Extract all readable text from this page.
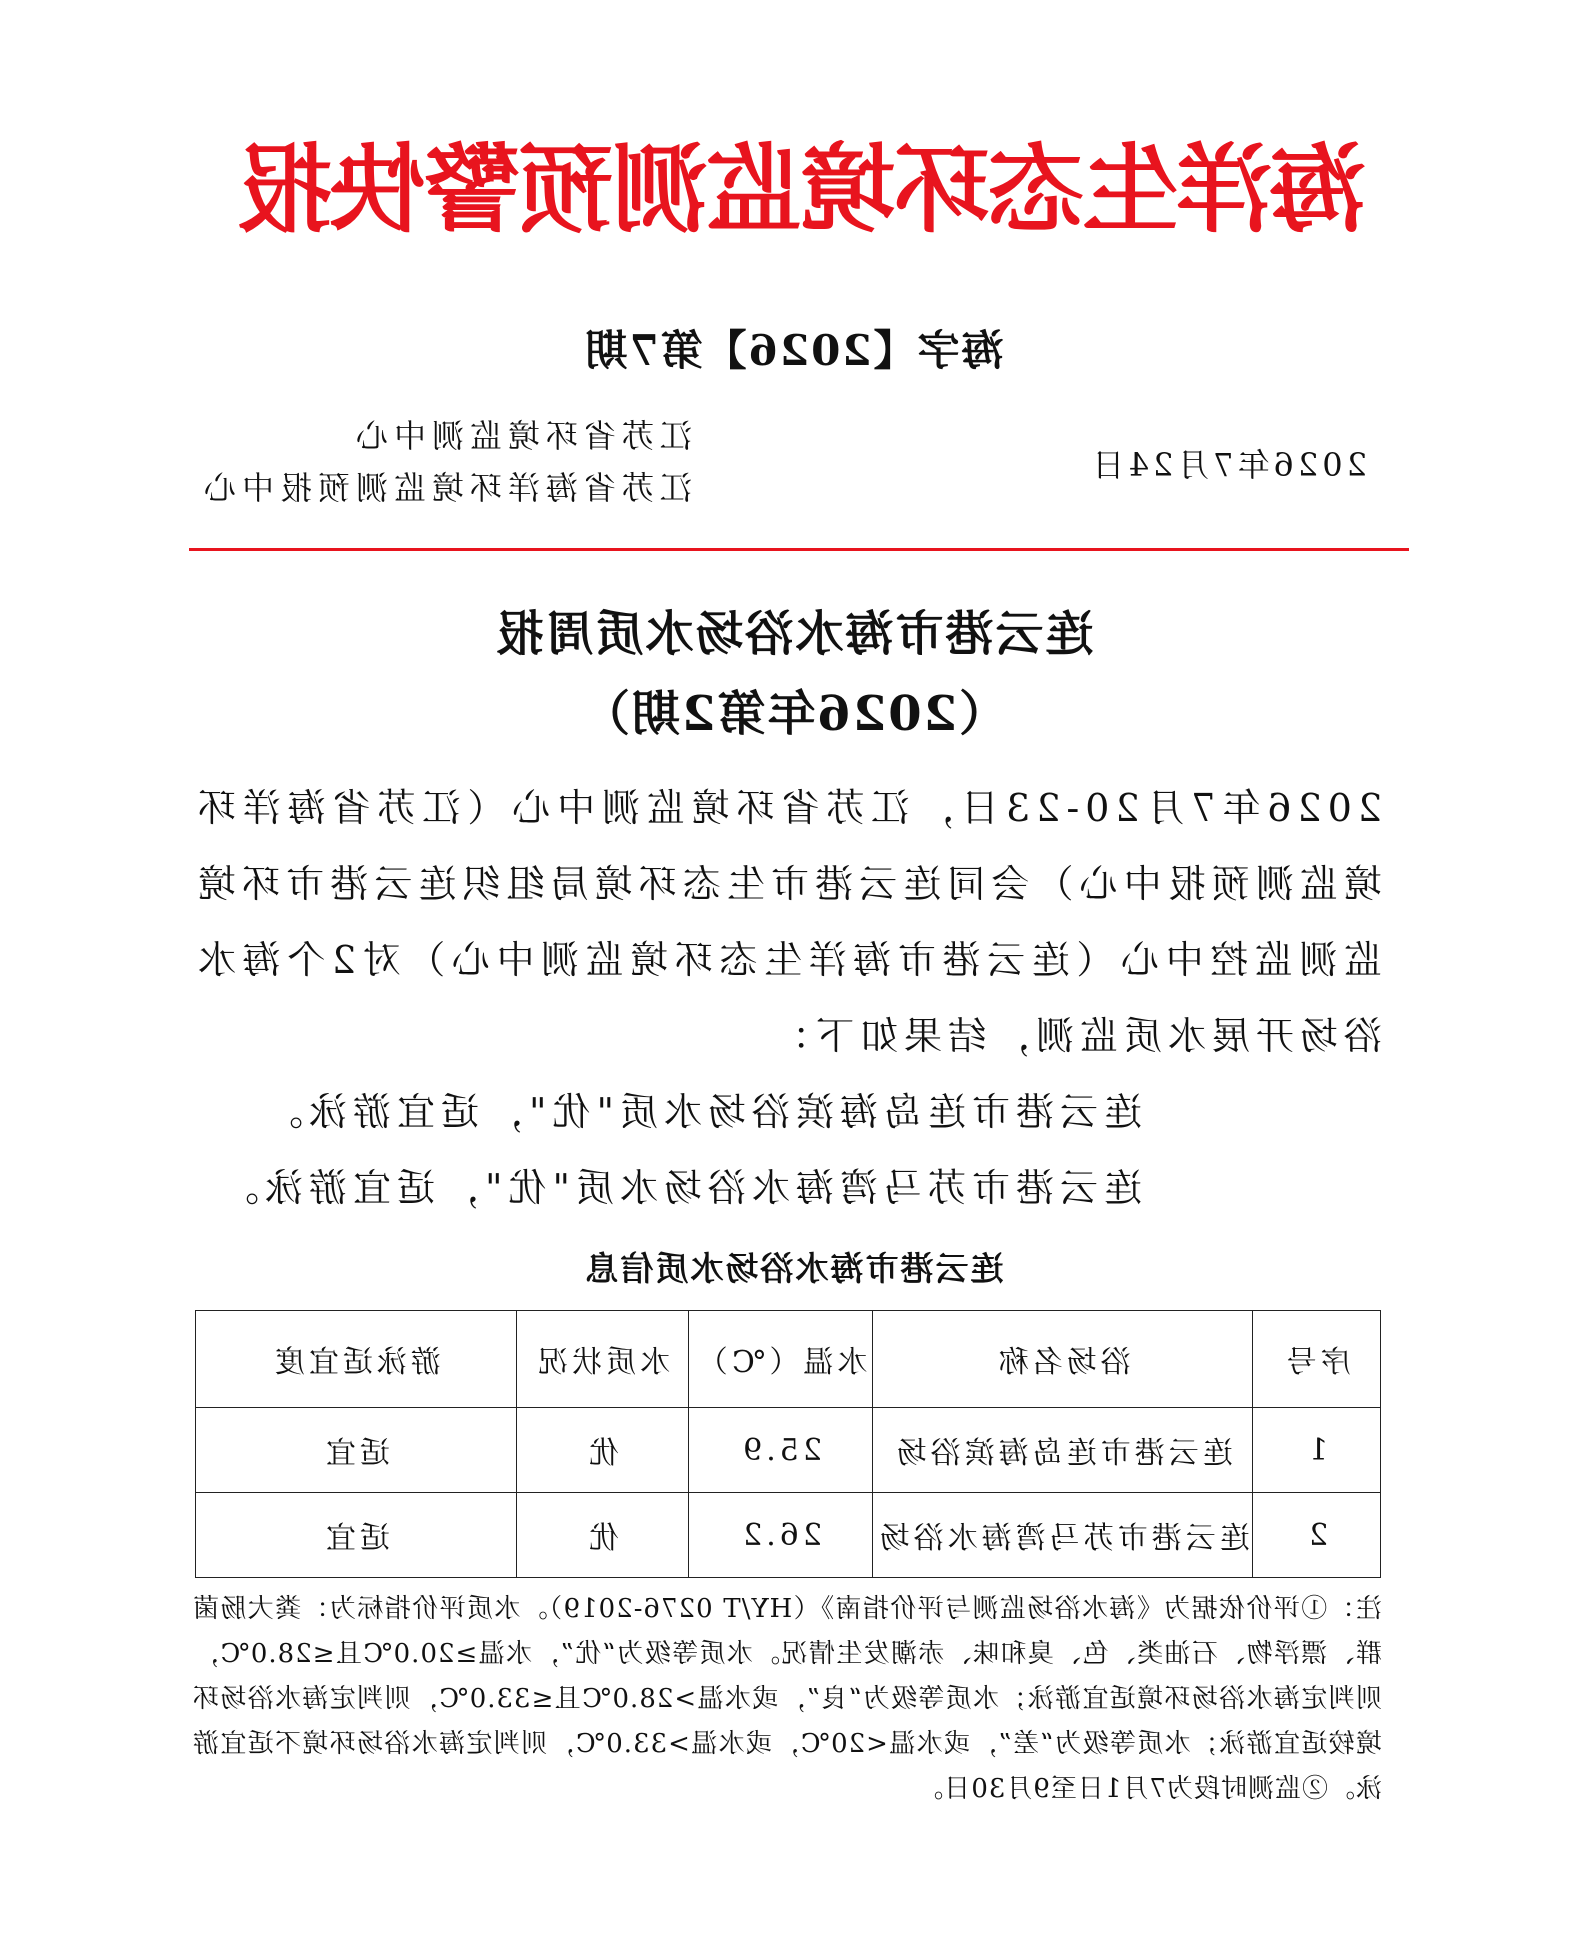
海洋生态环境监测预警快报
海字【2026】第7期
江苏省环境监测中心
江苏省海洋环境监测预报中心
2026年7月24日
连云港市海水浴场水质周报
（2026年第2期）

2026年7月20-23日，江苏省环境监测中心（江苏省海洋环境监测预报中心）会同连云港市生态环境局组织连云港市环境监测监控中心（连云港市海洋生态环境监测中心）对2个海水浴场开展水质监测，结果如下：

连云港市连岛海滨浴场水质"优"，适宜游泳。

连云港市苏马湾海水浴场水质"优"，适宜游泳。

连云港市海水浴场水质信息
序号	浴场名称	水温（℃）	水质状况	游泳适宜度
1	连云港市连岛海滨浴场	25.9	优	适宜
2	连云港市苏马湾海水浴场	26.2	优	适宜
注：①评价依据为《海水浴场监测与评价指南》（HY/T 0276-2019）。水质评价指标为：粪大肠菌群、漂浮物、石油类、色、臭和味、赤潮发生情况。水质等级为“优”，水温≥20.0℃且≤28.0℃，则判定海水浴场环境适宜游泳；水质等级为“良”，或水温>28.0℃且≤33.0℃，则判定海水浴场环境较适宜游泳；水质等级为“差”，或水温<20℃，或水温>33.0℃，则判定海水浴场环境不适宜游泳。②监测时段为7月1日至9月30日。
